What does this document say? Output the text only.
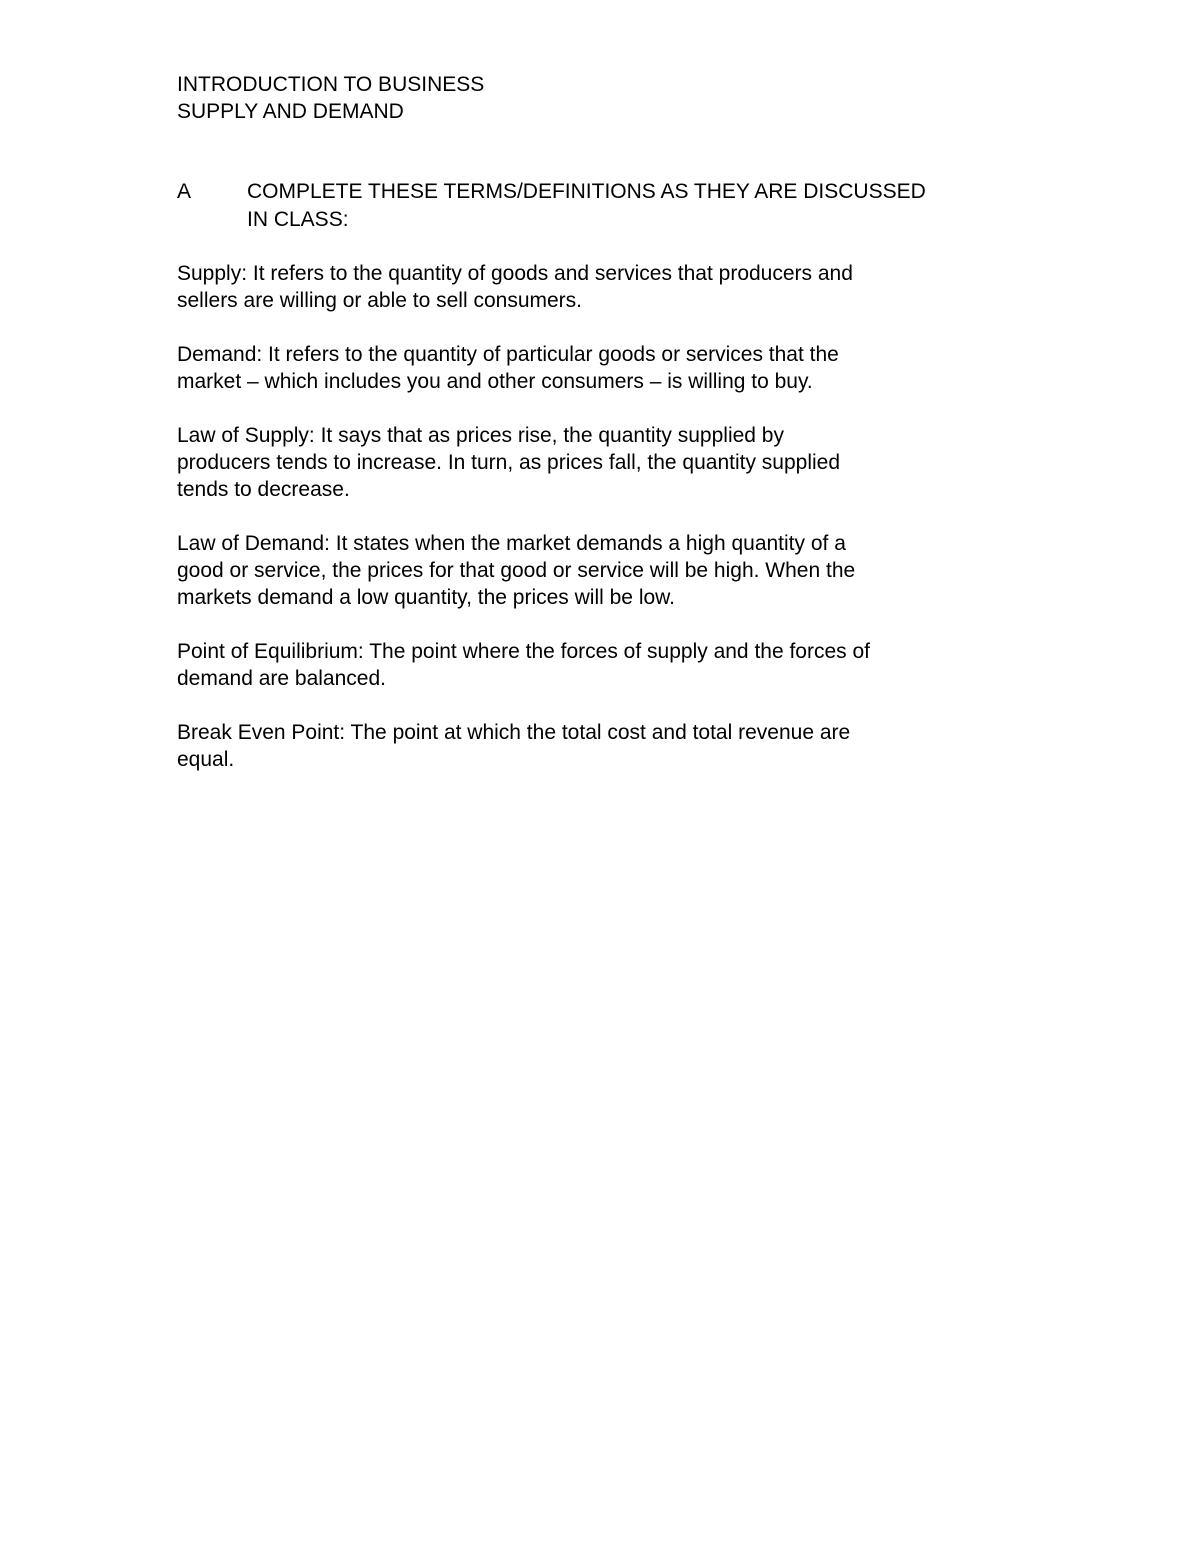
INTRODUCTION TO BUSINESS
SUPPLY AND DEMAND
A	COMPLETE THESE TERMS/DEFINITIONS AS THEY ARE DISCUSSED
IN CLASS:
Supply: It refers to the quantity of goods and services that producers and
sellers are willing or able to sell consumers.
Demand: It refers to the quantity of particular goods or services that the
market – which includes you and other consumers – is willing to buy.
Law of Supply: It says that as prices rise, the quantity supplied by
producers tends to increase. In turn, as prices fall, the quantity supplied
tends to decrease.
Law of Demand: It states when the market demands a high quantity of a
good or service, the prices for that good or service will be high. When the
markets demand a low quantity, the prices will be low.
Point of Equilibrium: The point where the forces of supply and the forces of
demand are balanced.
Break Even Point: The point at which the total cost and total revenue are
equal.
